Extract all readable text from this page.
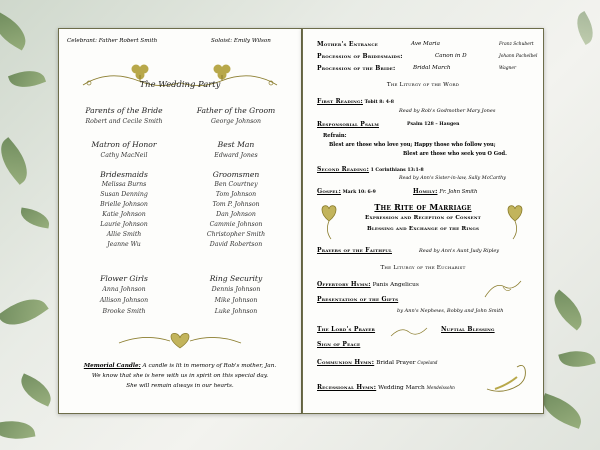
Celebrant: Father Robert Smith	Soloist: Emily Wilson
The Wedding Party
Parents of the Bride
Robert and Cecile Smith
Matron of Honor
Cathy MacNeil
Bridesmaids
Melissa Burns
Susan Denning
Brielle Johnson
Katie Johnson
Laurie Johnson
Allie Smith
Jeanne Wu
Flower Girls
Anna Johnson
Allison Johnson
Brooke Smith
Father of the Groom
George Johnson
Best Man
Edward Jones
Groomsmen
Ben Courtney
Tom Johnson
Tom P. Johnson
Dan Johnson
Cammie Johnson
Christopher Smith
David Robertson
Ring Security
Dennis Johnson
Mike Johnson
Luke Johnson
Memorial Candle: A candle is lit in memory of Rob's mother, Jan.
We know that she is here with us in spirit on this special day.
She will remain always in our hearts.
Mother's Entrance	Ave Maria	Franz Schubert
Procession of Bridesmaids:	Canon in D	Johann Pachelbel
Procession of the Bride:	Bridal March	Wagner
The Liturgy of the Word
First Reading: Tobit 8: 4-8
Read by Rob's Godmother Mary Jones
Responsorial Psalm	Psalm 128 – Haugen
Refrain:
Blest are those who love you; Happy those who follow you;
Blest are those who seek you O God.
Second Reading: 1 Corinthians 13:1-8
Read by Ann's Sister-in-law, Sally McCarthy
Gospel: Mark 10: 6-9	Homily: Fr. John Smith
The Rite of Marriage
Expression and Reception of Consent
Blessing and Exchange of the Rings
Prayers of the Faithful	Read by Ann's Aunt Judy Ripley
The Liturgy of the Eucharist
Offertory Hymn: Panis Angelicus
Presentation of the Gifts
by Ann's Nephews, Bobby and John Smith
The Lord's Prayer	Nuptial Blessing
Sign of Peace
Communion Hymn: Bridal Prayer Copeland
Recessional Hymn: Wedding March Mendelssohn
